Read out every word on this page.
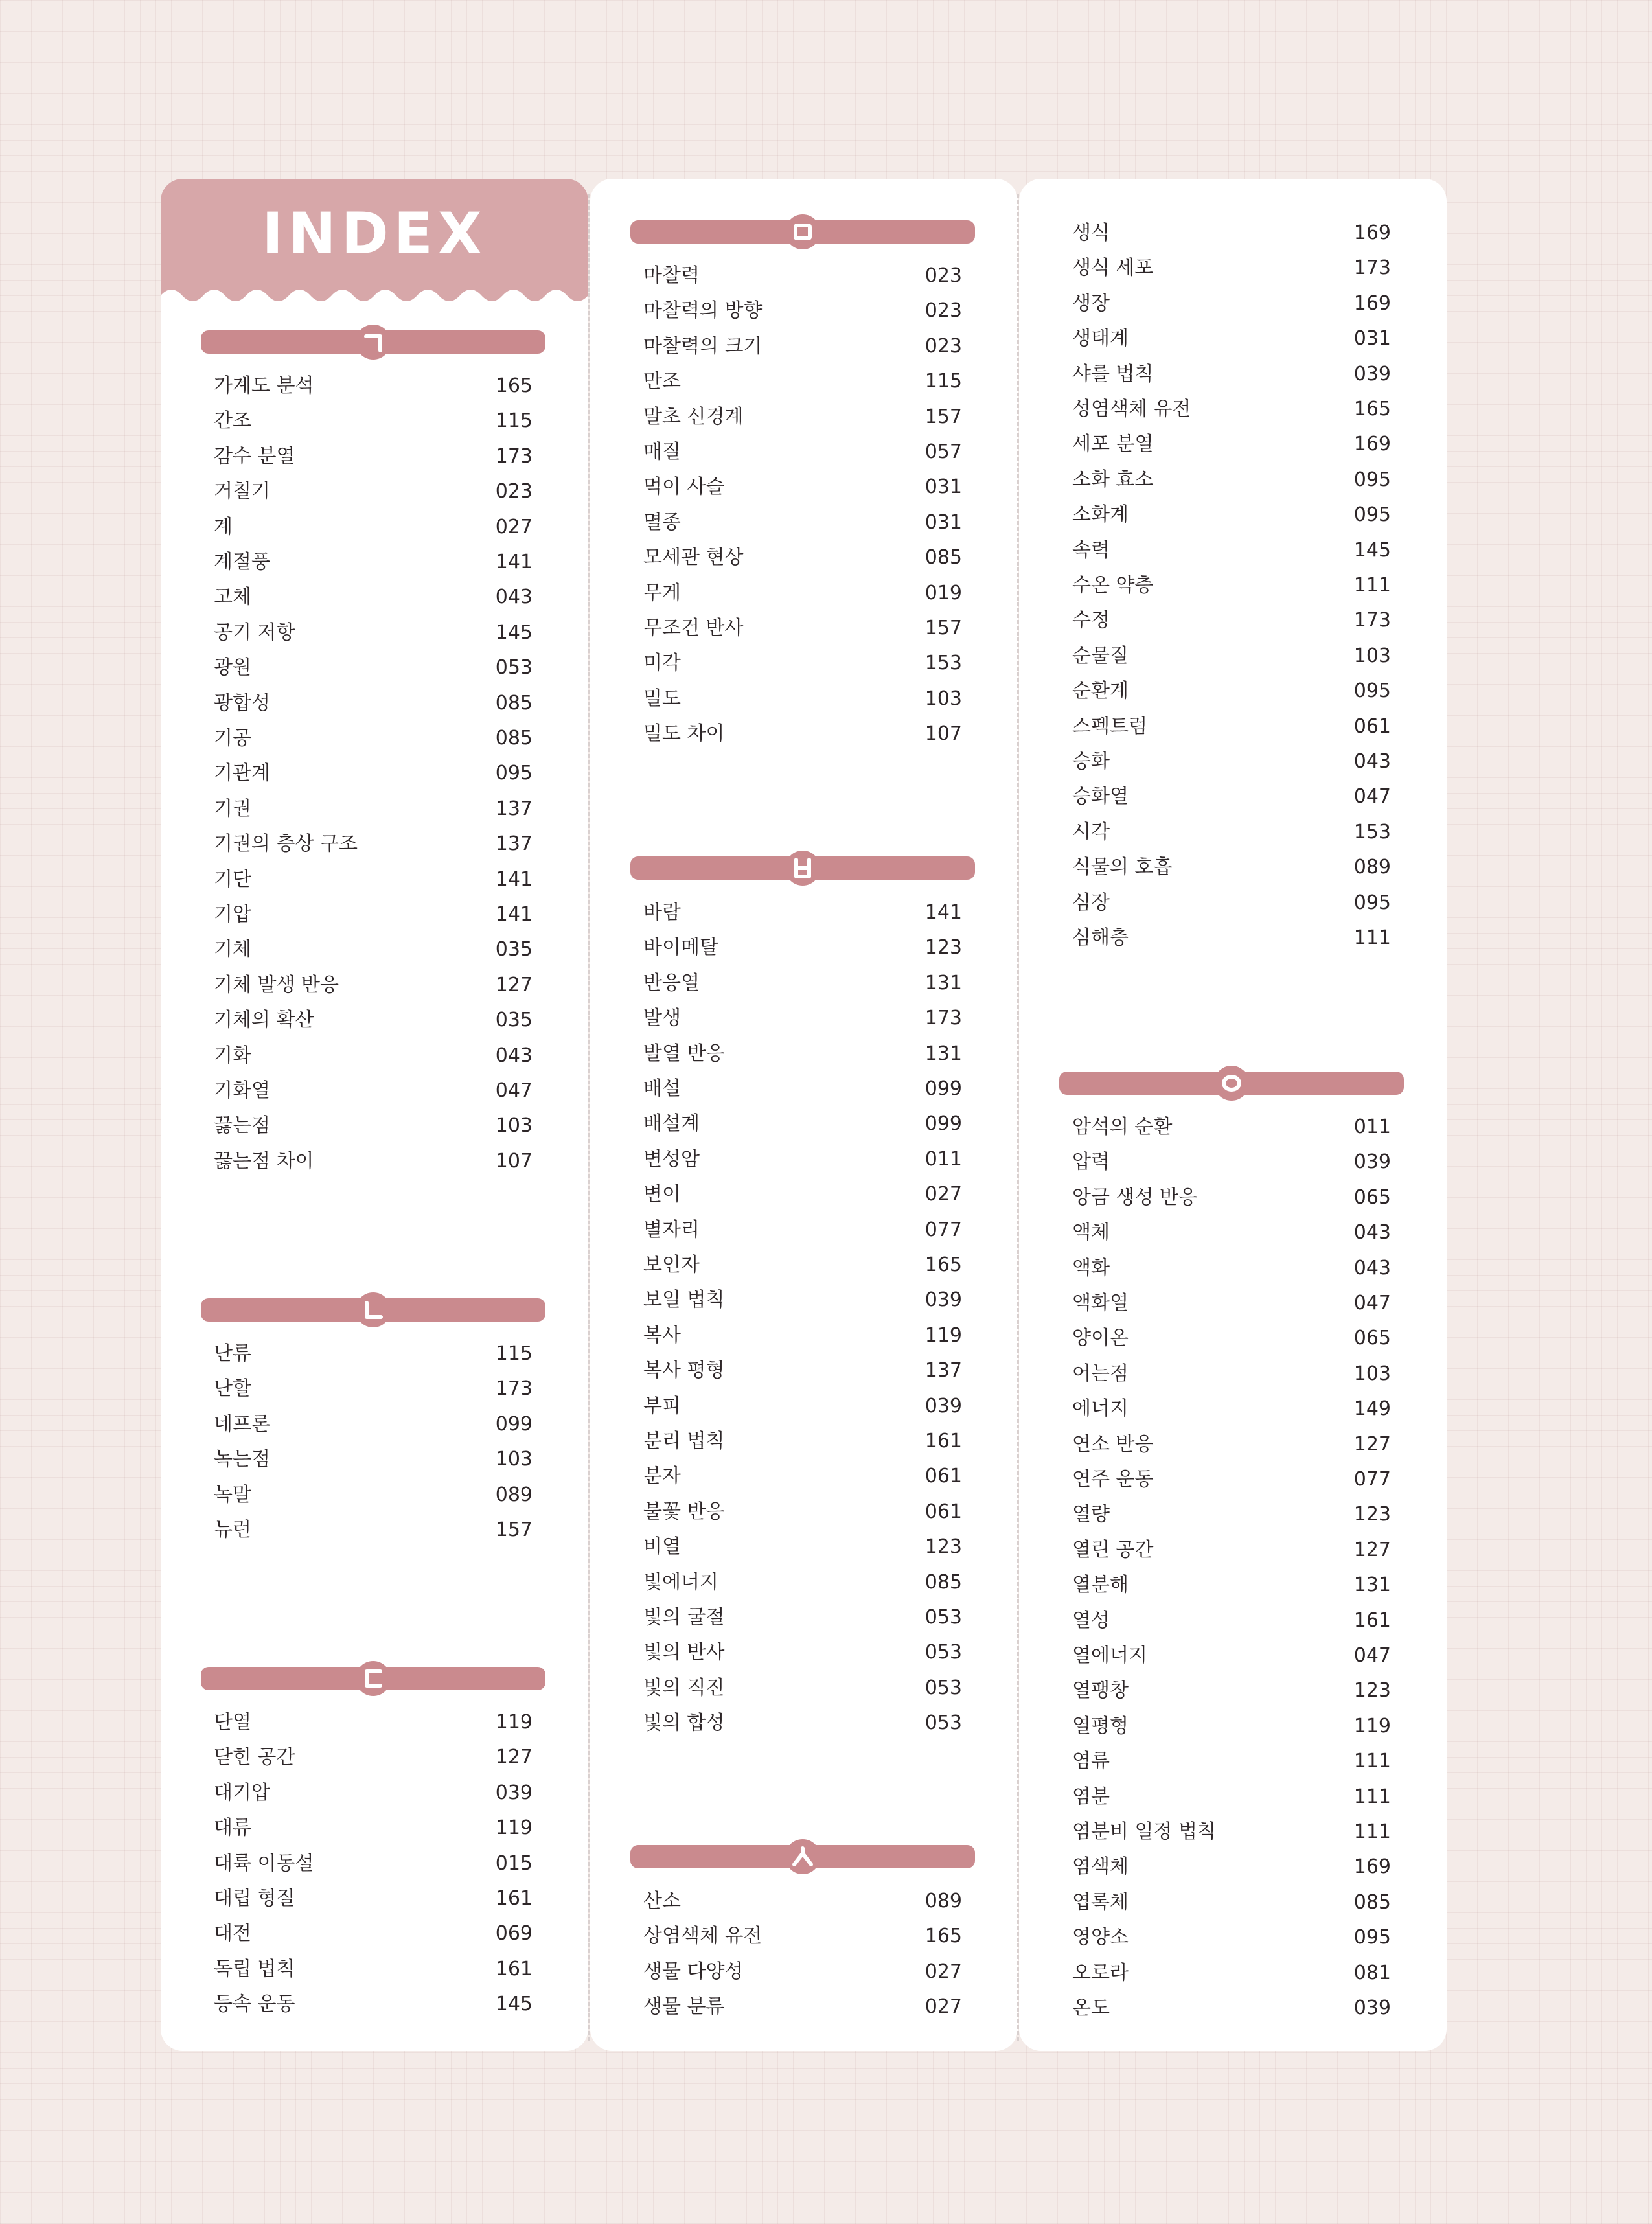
INDEX
가계도 분석	165
간조	115
감수 분열	173
거칠기	023
계	027
계절풍	141
고체	043
공기 저항	145
광원	053
광합성	085
기공	085
기관계	095
기권	137
기권의 층상 구조	137
기단	141
기압	141
기체	035
기체 발생 반응	127
기체의 확산	035
기화	043
기화열	047
끓는점	103
끓는점 차이	107
난류	115
난할	173
네프론	099
녹는점	103
녹말	089
뉴런	157
단열	119
닫힌 공간	127
대기압	039
대류	119
대륙 이동설	015
대립 형질	161
대전	069
독립 법칙	161
등속 운동	145
마찰력	023
마찰력의 방향	023
마찰력의 크기	023
만조	115
말초 신경계	157
매질	057
먹이 사슬	031
멸종	031
모세관 현상	085
무게	019
무조건 반사	157
미각	153
밀도	103
밀도 차이	107
바람	141
바이메탈	123
반응열	131
발생	173
발열 반응	131
배설	099
배설계	099
변성암	011
변이	027
별자리	077
보인자	165
보일 법칙	039
복사	119
복사 평형	137
부피	039
분리 법칙	161
분자	061
불꽃 반응	061
비열	123
빛에너지	085
빛의 굴절	053
빛의 반사	053
빛의 직진	053
빛의 합성	053
산소	089
상염색체 유전	165
생물 다양성	027
생물 분류	027
생식	169
생식 세포	173
생장	169
생태계	031
샤를 법칙	039
성염색체 유전	165
세포 분열	169
소화 효소	095
소화계	095
속력	145
수온 약층	111
수정	173
순물질	103
순환계	095
스펙트럼	061
승화	043
승화열	047
시각	153
식물의 호흡	089
심장	095
심해층	111
암석의 순환	011
압력	039
앙금 생성 반응	065
액체	043
액화	043
액화열	047
양이온	065
어는점	103
에너지	149
연소 반응	127
연주 운동	077
열량	123
열린 공간	127
열분해	131
열성	161
열에너지	047
열팽창	123
열평형	119
염류	111
염분	111
염분비 일정 법칙	111
염색체	169
엽록체	085
영양소	095
오로라	081
온도	039
